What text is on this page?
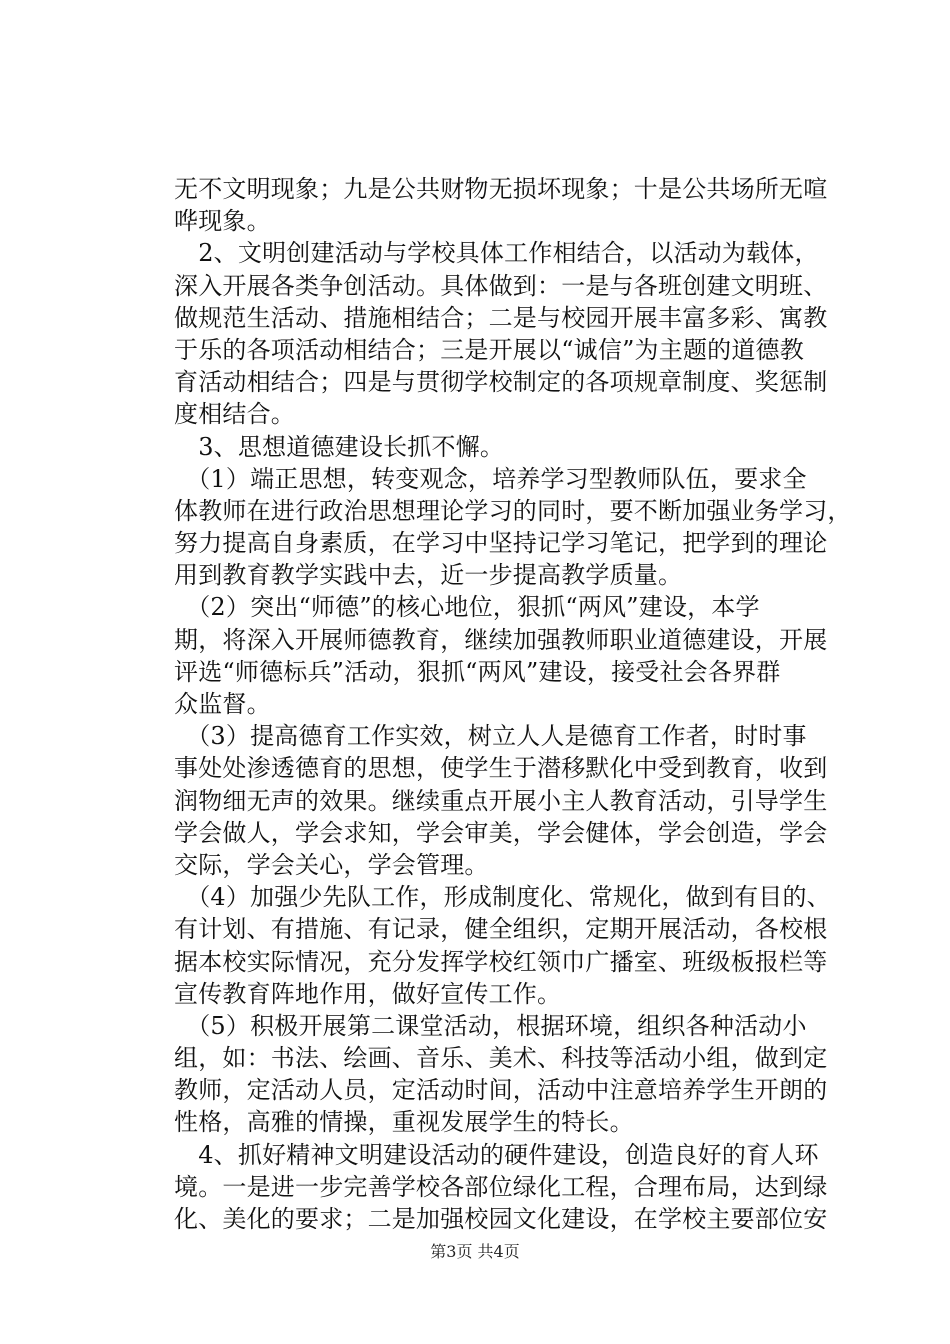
无不文明现象；九是公共财物无损坏现象；十是公共场所无喧
哗现象。
　2、文明创建活动与学校具体工作相结合，以活动为载体，
深入开展各类争创活动。具体做到：一是与各班创建文明班、
做规范生活动、措施相结合；二是与校园开展丰富多彩、寓教
于乐的各项活动相结合；三是开展以“诚信”为主题的道德教
育活动相结合；四是与贯彻学校制定的各项规章制度、奖惩制
度相结合。
　3、思想道德建设长抓不懈。
　（1）端正思想，转变观念，培养学习型教师队伍，要求全
体教师在进行政治思想理论学习的同时，要不断加强业务学习，
努力提高自身素质，在学习中坚持记学习笔记，把学到的理论
用到教育教学实践中去，近一步提高教学质量。
　（2）突出“师德”的核心地位，狠抓“两风”建设，本学
期，将深入开展师德教育，继续加强教师职业道德建设，开展
评选“师德标兵”活动，狠抓“两风”建设，接受社会各界群
众监督。
　（3）提高德育工作实效，树立人人是德育工作者，时时事
事处处渗透德育的思想，使学生于潜移默化中受到教育，收到
润物细无声的效果。继续重点开展小主人教育活动，引导学生
学会做人，学会求知，学会审美，学会健体，学会创造，学会
交际，学会关心，学会管理。
　（4）加强少先队工作，形成制度化、常规化，做到有目的、
有计划、有措施、有记录，健全组织，定期开展活动，各校根
据本校实际情况，充分发挥学校红领巾广播室、班级板报栏等
宣传教育阵地作用，做好宣传工作。
　（5）积极开展第二课堂活动，根据环境，组织各种活动小
组，如：书法、绘画、音乐、美术、科技等活动小组，做到定
教师，定活动人员，定活动时间，活动中注意培养学生开朗的
性格，高雅的情操，重视发展学生的特长。
　4、抓好精神文明建设活动的硬件建设，创造良好的育人环
境。一是进一步完善学校各部位绿化工程，合理布局，达到绿
化、美化的要求；二是加强校园文化建设，在学校主要部位安
第3页 共4页
